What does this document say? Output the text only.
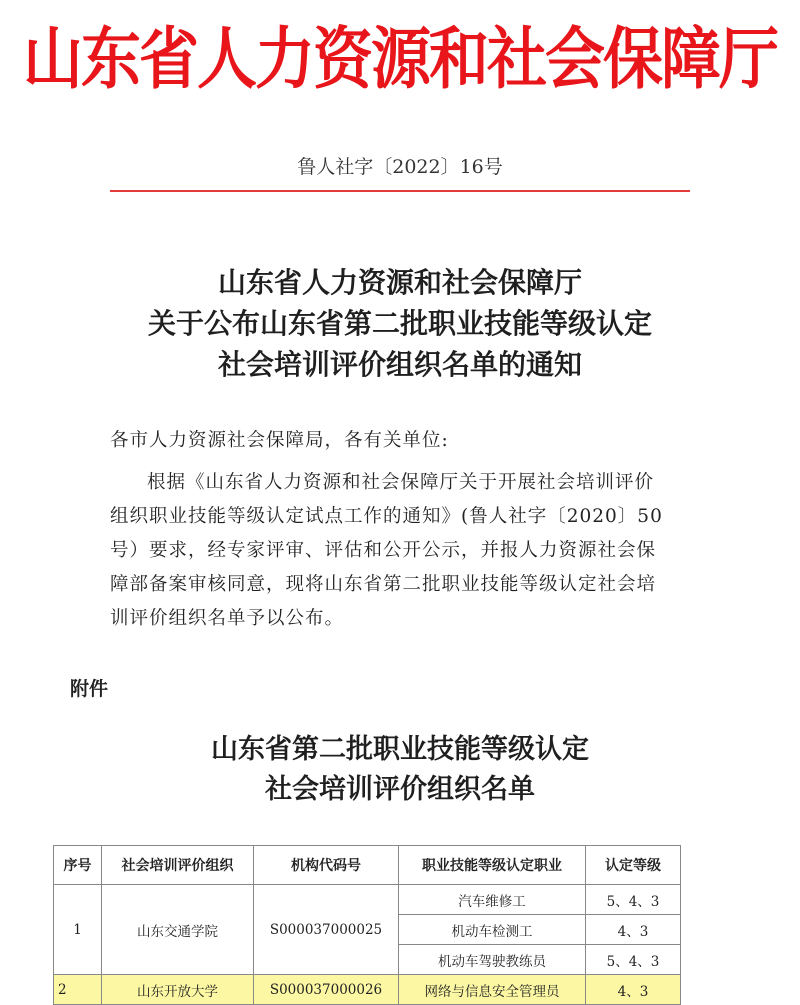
山东省人力资源和社会保障厅
鲁人社字〔2022〕16号
山东省人力资源和社会保障厅
关于公布山东省第二批职业技能等级认定
社会培训评价组织名单的通知
各市人力资源社会保障局，各有关单位:
根据《山东省人力资源和社会保障厅关于开展社会培训评价
组织职业技能等级认定试点工作的通知》(鲁人社字〔2020〕50
号）要求，经专家评审、评估和公开公示，并报人力资源社会保
障部备案审核同意，现将山东省第二批职业技能等级认定社会培
训评价组织名单予以公布。
附件
山东省第二批职业技能等级认定
社会培训评价组织名单
序号	社会培训评价组织	机构代码号	职业技能等级认定职业	认定等级
1	山东交通学院	S000037000025	汽车维修工	5、4、3
			机动车检测工	4、3
			机动车驾驶教练员	5、4、3
2	山东开放大学	S000037000026	网络与信息安全管理员	4、3
